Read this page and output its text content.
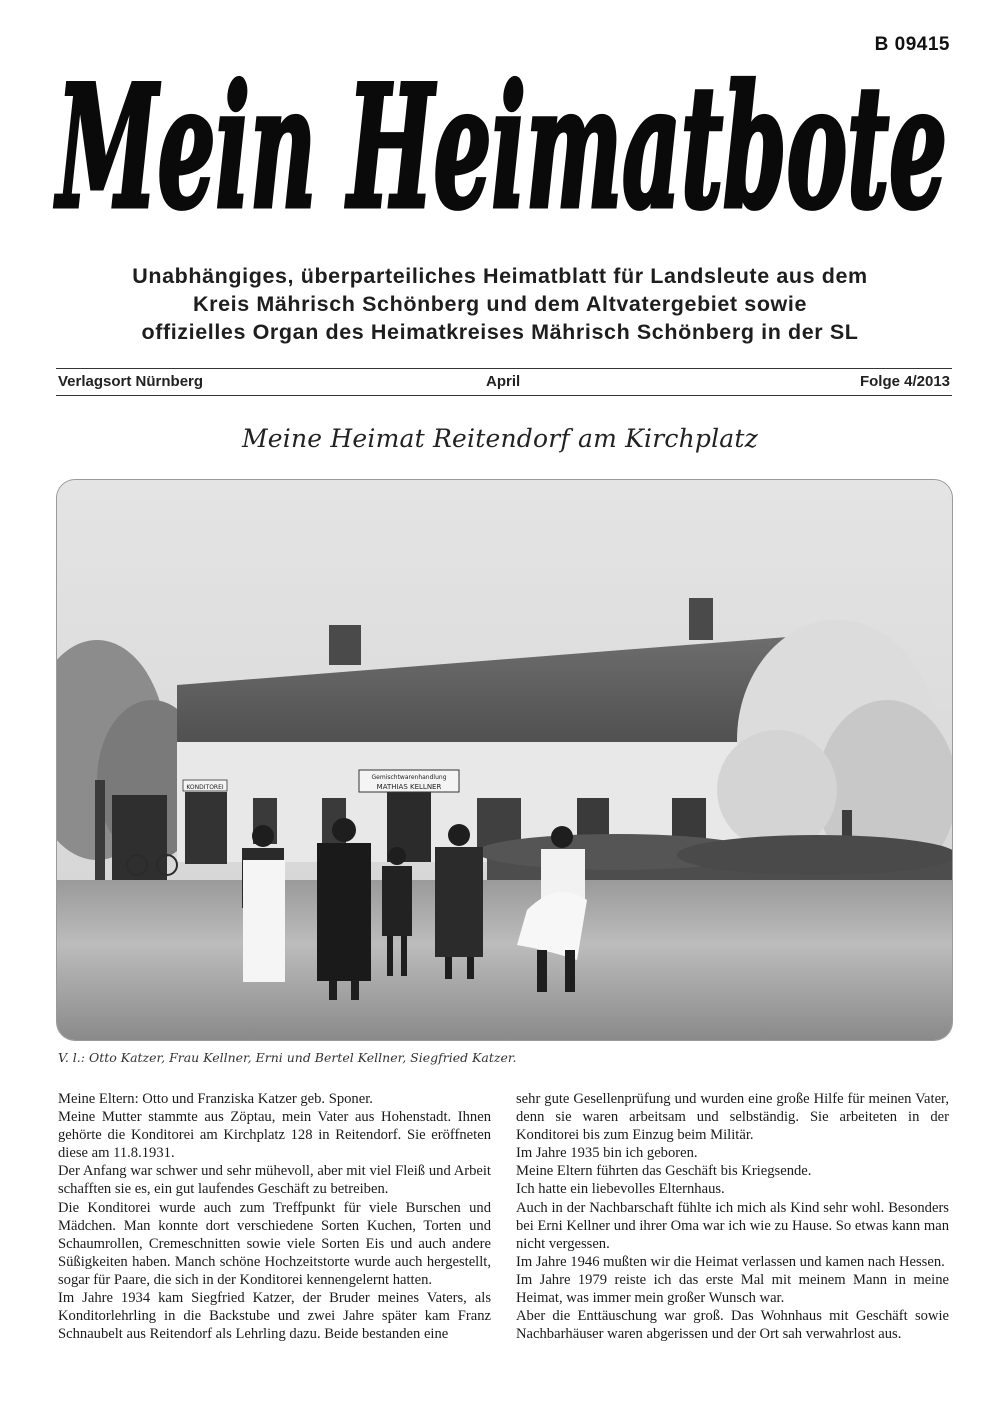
B 09415
Mein Heimatbote
Unabhängiges, überparteiliches Heimatblatt für Landsleute aus dem
Kreis Mährisch Schönberg und dem Altvatergebiet sowie
offizielles Organ des Heimatkreises Mährisch Schönberg in der SL
Verlagsort Nürnberg	April	Folge 4/2013
Meine Heimat Reitendorf am Kirchplatz
Gemischtwarenhandlung
MATHIAS KELLNER
KONDITOREI
V. l.: Otto Katzer, Frau Kellner, Erni und Bertel Kellner, Siegfried Katzer.

Meine Eltern: Otto und Franziska Katzer geb. Sponer.

Meine Mutter stammte aus Zöptau, mein Vater aus Hohenstadt. Ihnen gehörte die Konditorei am Kirchplatz 128 in Reitendorf. Sie eröffneten diese am 11.8.1931.

Der Anfang war schwer und sehr mühevoll, aber mit viel Fleiß und Arbeit schafften sie es, ein gut laufendes Geschäft zu betreiben.

Die Konditorei wurde auch zum Treffpunkt für viele Burschen und Mädchen. Man konnte dort verschiedene Sorten Kuchen, Torten und Schaumrollen, Cremeschnitten sowie viele Sorten Eis und auch andere Süßigkeiten haben. Manch schöne Hochzeitstorte wurde auch hergestellt, sogar für Paare, die sich in der Konditorei kennengelernt hatten.

Im Jahre 1934 kam Siegfried Katzer, der Bruder meines Vaters, als Konditorlehrling in die Backstube und zwei Jahre später kam Franz Schnaubelt aus Reitendorf als Lehrling dazu. Beide bestanden eine

sehr gute Gesellenprüfung und wurden eine große Hilfe für meinen Vater, denn sie waren arbeitsam und selbständig. Sie arbeiteten in der Konditorei bis zum Einzug beim Militär.

Im Jahre 1935 bin ich geboren.

Meine Eltern führten das Geschäft bis Kriegsende.

Ich hatte ein liebevolles Elternhaus.

Auch in der Nachbarschaft fühlte ich mich als Kind sehr wohl. Besonders bei Erni Kellner und ihrer Oma war ich wie zu Hause. So etwas kann man nicht vergessen.

Im Jahre 1946 mußten wir die Heimat verlassen und kamen nach Hessen.

Im Jahre 1979 reiste ich das erste Mal mit meinem Mann in meine Heimat, was immer mein großer Wunsch war.

Aber die Enttäuschung war groß. Das Wohnhaus mit Geschäft sowie Nachbarhäuser waren abgerissen und der Ort sah verwahrlost aus.
